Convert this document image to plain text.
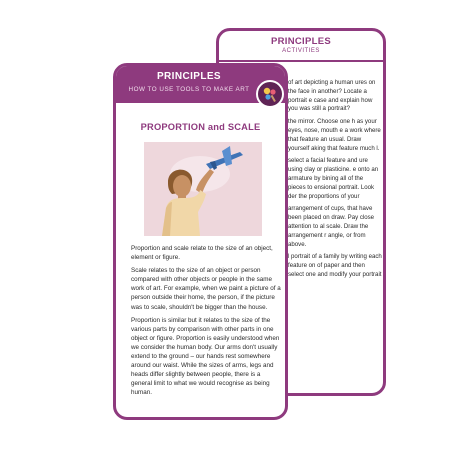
PRINCIPLES
ACTIVITIES

of art depicting a human ures on the face in another? Locate a portrait e case and explain how you was still a portrait?

the mirror. Choose one h as your eyes, nose, mouth e a work where that feature an usual. Draw yourself aking that feature much l.

select a facial feature and ure using clay or plasticine. e onto an armature by bining all of the pieces to ensional portrait. Look der the proportions of your

arrangement of cups, that have been placed on draw. Pay close attention to al scale. Draw the arrangement r angle, or from above.

l portrait of a family by writing each feature on of paper and then select one and modify your portrait

PRINCIPLES
HOW TO USE TOOLS TO MAKE ART
PROPORTION and SCALE

Proportion and scale relate to the size of an object, element or figure.

Scale relates to the size of an object or person compared with other objects or people in the same work of art. For example, when we paint a picture of a person outside their home, the person, if the picture was to scale, shouldn't be bigger than the house.

Proportion is similar but it relates to the size of the various parts by comparison with other parts in one object or figure. Proportion is easily understood when we consider the human body. Our arms don't usually extend to the ground – our hands rest somewhere around our waist. While the sizes of arms, legs and heads differ slightly between people, there is a general limit to what we would recognise as being human.
